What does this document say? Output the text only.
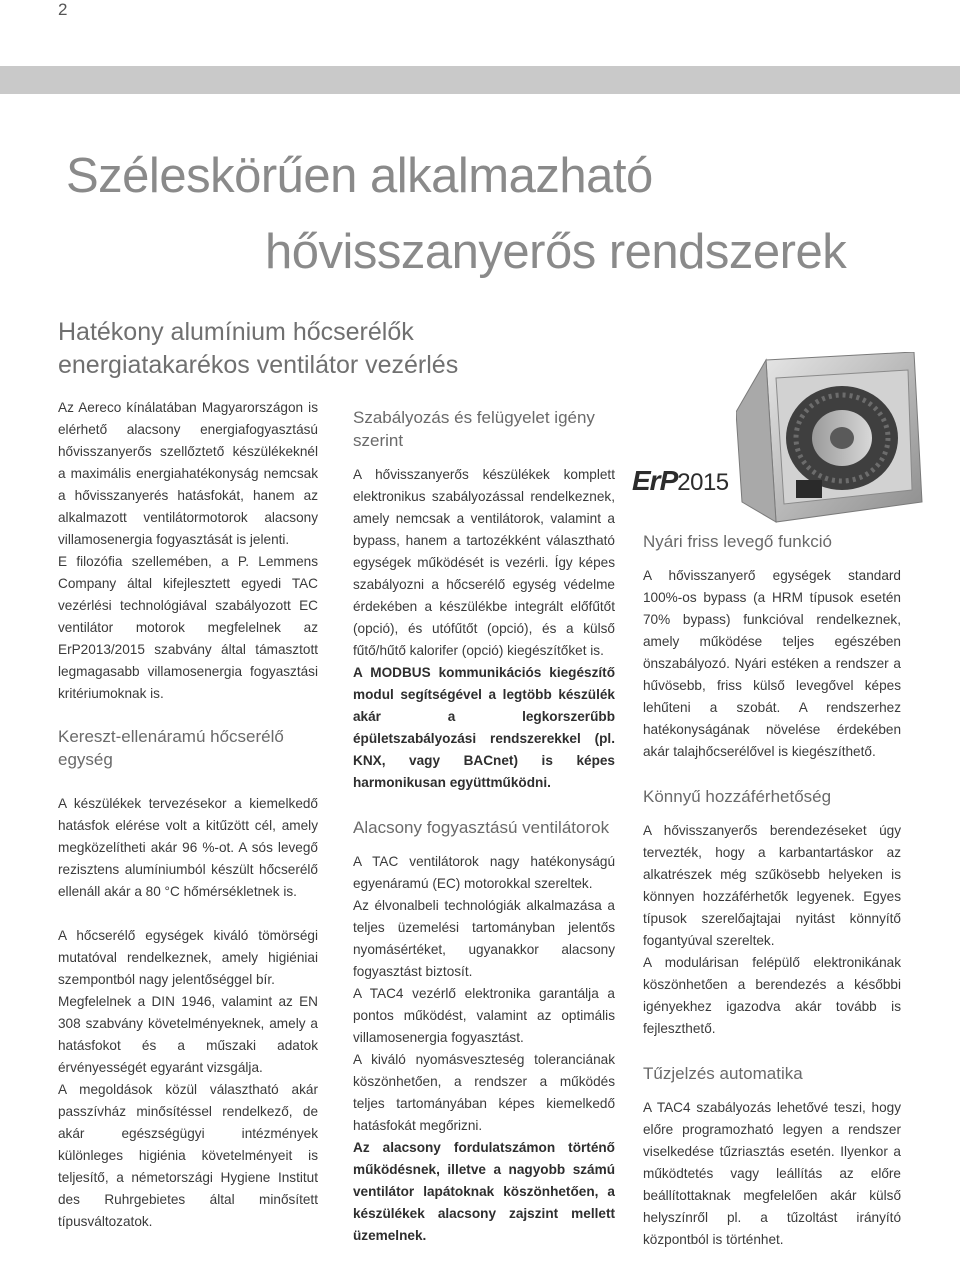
2
Széleskörűen alkalmazható
hővisszanyerős rendszerek
Hatékony alumínium hőcserélők
energiatakarékos ventilátor vezérlés

Az Aereco kínálatában Magyarországon is elérhető alacsony energiafogyasztású hővisszanyerős szellőztető készülékeknél a maximális energiahatékonyság nemcsak a hővisszanyerés hatásfokát, hanem az alkalmazott ventilátormotorok alacsony villamosenergia fogyasztását is jelenti.

E filozófia szellemében, a P. Lemmens Company által kifejlesztett egyedi TAC vezérlési technológiával szabályozott EC ventilátor motorok megfelelnek az ErP2013/2015 szabvány által támasztott legmagasabb villamosenergia fogyasztási kritériumoknak is.

Kereszt-ellenáramú hőcserélő egység

A készülékek tervezésekor a kiemelkedő hatásfok elérése volt a kitűzött cél, amely megközelítheti akár 96 %-ot. A sós levegő rezisztens alumíniumból készült hőcserélő ellenáll akár a 80 °C hőmérsékletnek is.

A hőcserélő egységek kiváló tömörségi mutatóval rendelkeznek, amely higiéniai szempontból nagy jelentőséggel bír.

Megfelelnek a DIN 1946, valamint az EN 308 szabvány követelményeknek, amely a hatásfokot és a műszaki adatok érvényességét egyaránt vizsgálja.

A megoldások közül választható akár passzívház minősítéssel rendelkező, de akár egészségügyi intézmények különleges higiénia követelményeit is teljesítő, a németországi Hygiene Institut des Ruhrgebietes által minősített típusváltozatok.

Szabályozás és felügyelet igény szerint

A hővisszanyerős készülékek komplett elektronikus szabályozással rendelkeznek, amely nemcsak a ventilátorok, valamint a bypass, hanem a tartozékként választható egységek működését is vezérli. Így képes szabályozni a hőcserélő egység védelme érdekében a készülékbe integrált előfűtőt (opció), és utófűtőt (opció), és a külső fűtő/hűtő kalorifer (opció) kiegészítőket is.

A MODBUS kommunikációs kiegészítő modul segítségével a legtöbb készülék akár a legkorszerűbb épületszabályozási rendszerekkel (pl. KNX, vagy BACnet) is képes harmonikusan együttműködni.

Alacsony fogyasztású ventilátorok

A TAC ventilátorok nagy hatékonyságú egyenáramú (EC) motorokkal szereltek.

Az élvonalbeli technológiák alkalmazása a teljes üzemelési tartományban jelentős nyomásértéket, ugyanakkor alacsony fogyasztást biztosít.

A TAC4 vezérlő elektronika garantálja a pontos működést, valamint az optimális villamosenergia fogyasztást.

A kiváló nyomásveszteség toleranciának köszönhetően, a rendszer a működés teljes tartományában képes kiemelkedő hatásfokát megőrizni.

Az alacsony fordulatszámon történő működésnek, illetve a nagyobb számú ventilátor lapátoknak köszönhetően, a készülékek alacsony zajszint mellett üzemelnek.

ErP2015

Nyári friss levegő funkció

A hővisszanyerő egységek standard 100%-os bypass (a HRM típusok esetén 70% bypass) funkcióval rendelkeznek, amely működése teljes egészében önszabályozó. Nyári estéken a rendszer a hűvösebb, friss külső levegővel képes lehűteni a szobát. A rendszerhez hatékonyságának növelése érdekében akár talajhőcserélővel is kiegészíthető.

Könnyű hozzáférhetőség

A hővisszanyerős berendezéseket úgy tervezték, hogy a karbantartáskor az alkatrészek még szűkösebb helyeken is könnyen hozzáférhetők legyenek. Egyes típusok szerelőajtajai nyitást könnyítő fogantyúval szereltek.

A modulárisan felépülő elektronikának köszönhetően a berendezés a későbbi igényekhez igazodva akár tovább is fejleszthető.

Tűzjelzés automatika

A TAC4 szabályozás lehetővé teszi, hogy előre programozható legyen a rendszer viselkedése tűzriasztás esetén. Ilyenkor a működtetés vagy leállítás az előre beállítottaknak megfelelően akár külső helyszínről pl. a tűzoltást irányító központból is történhet.
